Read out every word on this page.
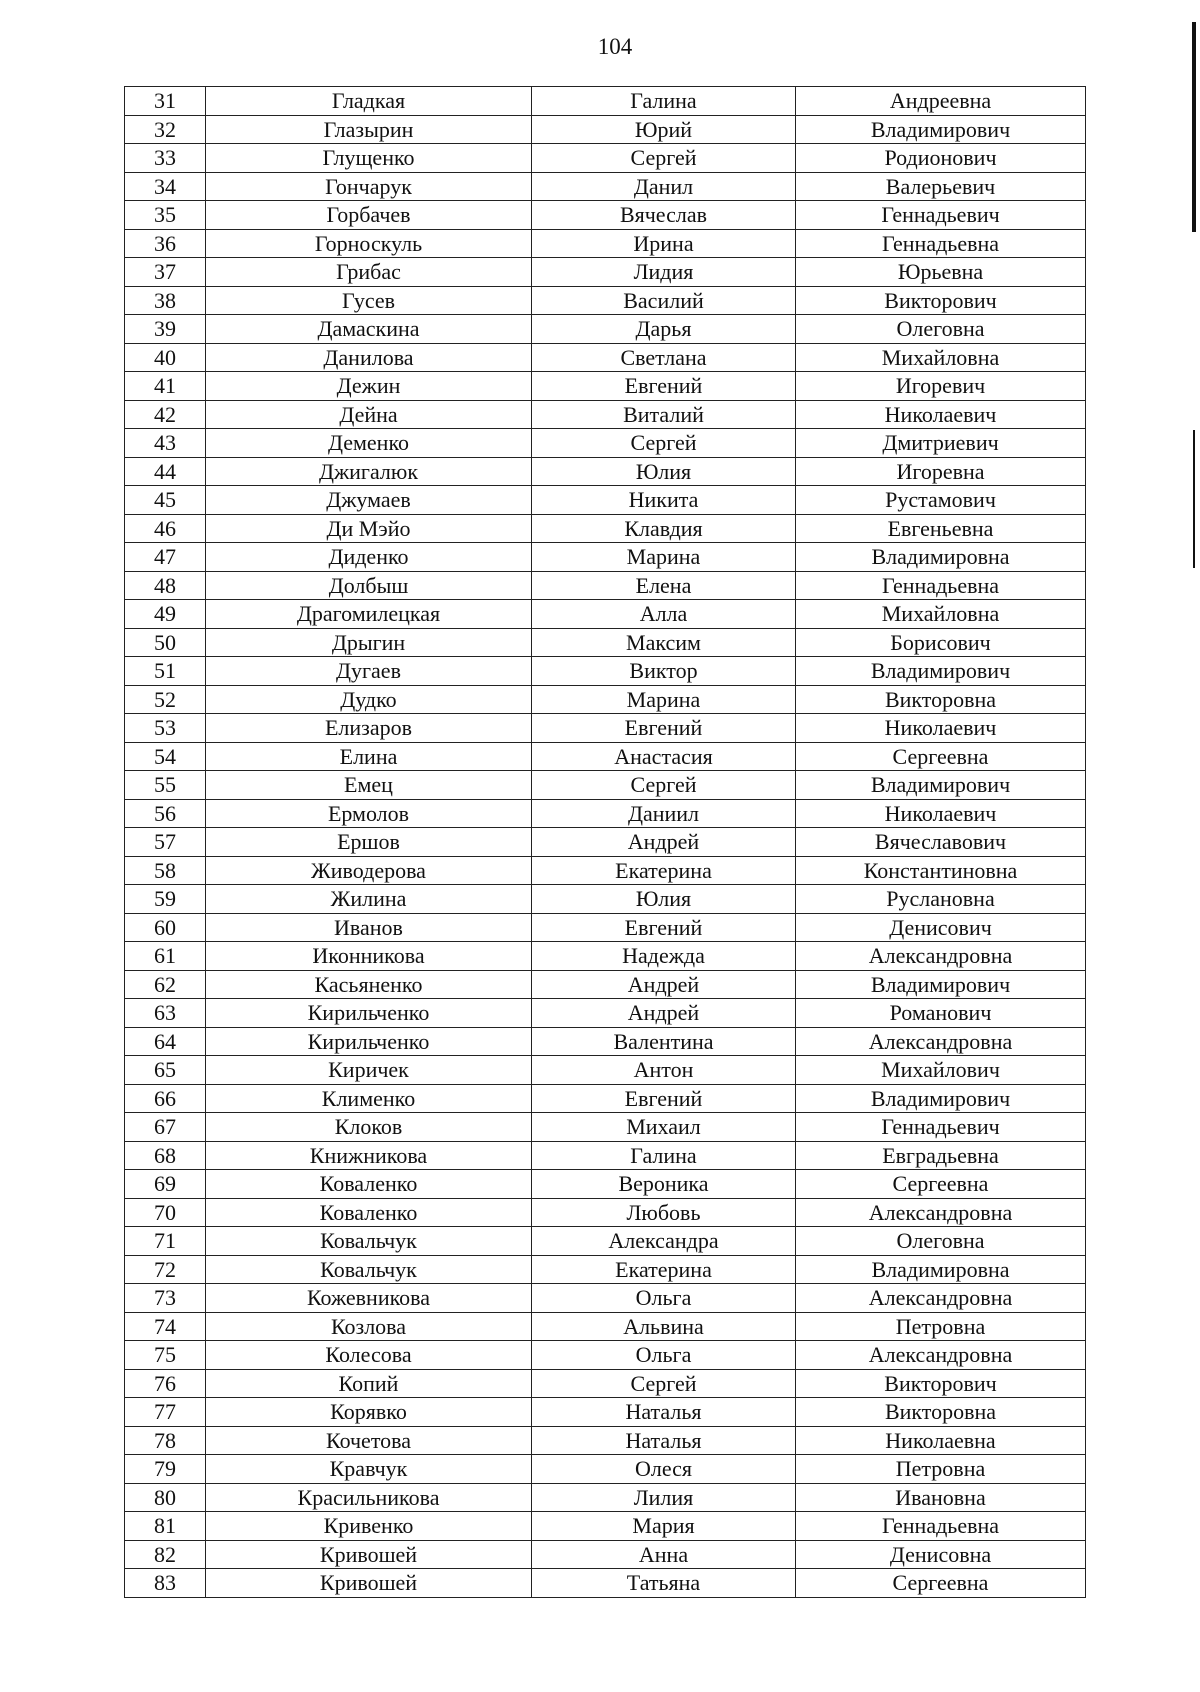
104
31	Гладкая	Галина	Андреевна
32	Глазырин	Юрий	Владимирович
33	Глущенко	Сергей	Родионович
34	Гончарук	Данил	Валерьевич
35	Горбачев	Вячеслав	Геннадьевич
36	Горноскуль	Ирина	Геннадьевна
37	Грибас	Лидия	Юрьевна
38	Гусев	Василий	Викторович
39	Дамаскина	Дарья	Олеговна
40	Данилова	Светлана	Михайловна
41	Дежин	Евгений	Игоревич
42	Дейна	Виталий	Николаевич
43	Деменко	Сергей	Дмитриевич
44	Джигалюк	Юлия	Игоревна
45	Джумаев	Никита	Рустамович
46	Ди Мэйо	Клавдия	Евгеньевна
47	Диденко	Марина	Владимировна
48	Долбыш	Елена	Геннадьевна
49	Драгомилецкая	Алла	Михайловна
50	Дрыгин	Максим	Борисович
51	Дугаев	Виктор	Владимирович
52	Дудко	Марина	Викторовна
53	Елизаров	Евгений	Николаевич
54	Елина	Анастасия	Сергеевна
55	Емец	Сергей	Владимирович
56	Ермолов	Даниил	Николаевич
57	Ершов	Андрей	Вячеславович
58	Живодерова	Екатерина	Константиновна
59	Жилина	Юлия	Руслановна
60	Иванов	Евгений	Денисович
61	Иконникова	Надежда	Александровна
62	Касьяненко	Андрей	Владимирович
63	Кирильченко	Андрей	Романович
64	Кирильченко	Валентина	Александровна
65	Киричек	Антон	Михайлович
66	Клименко	Евгений	Владимирович
67	Клоков	Михаил	Геннадьевич
68	Книжникова	Галина	Евградьевна
69	Коваленко	Вероника	Сергеевна
70	Коваленко	Любовь	Александровна
71	Ковальчук	Александра	Олеговна
72	Ковальчук	Екатерина	Владимировна
73	Кожевникова	Ольга	Александровна
74	Козлова	Альвина	Петровна
75	Колесова	Ольга	Александровна
76	Копий	Сергей	Викторович
77	Корявко	Наталья	Викторовна
78	Кочетова	Наталья	Николаевна
79	Кравчук	Олеся	Петровна
80	Красильникова	Лилия	Ивановна
81	Кривенко	Мария	Геннадьевна
82	Кривошей	Анна	Денисовна
83	Кривошей	Татьяна	Сергеевна
